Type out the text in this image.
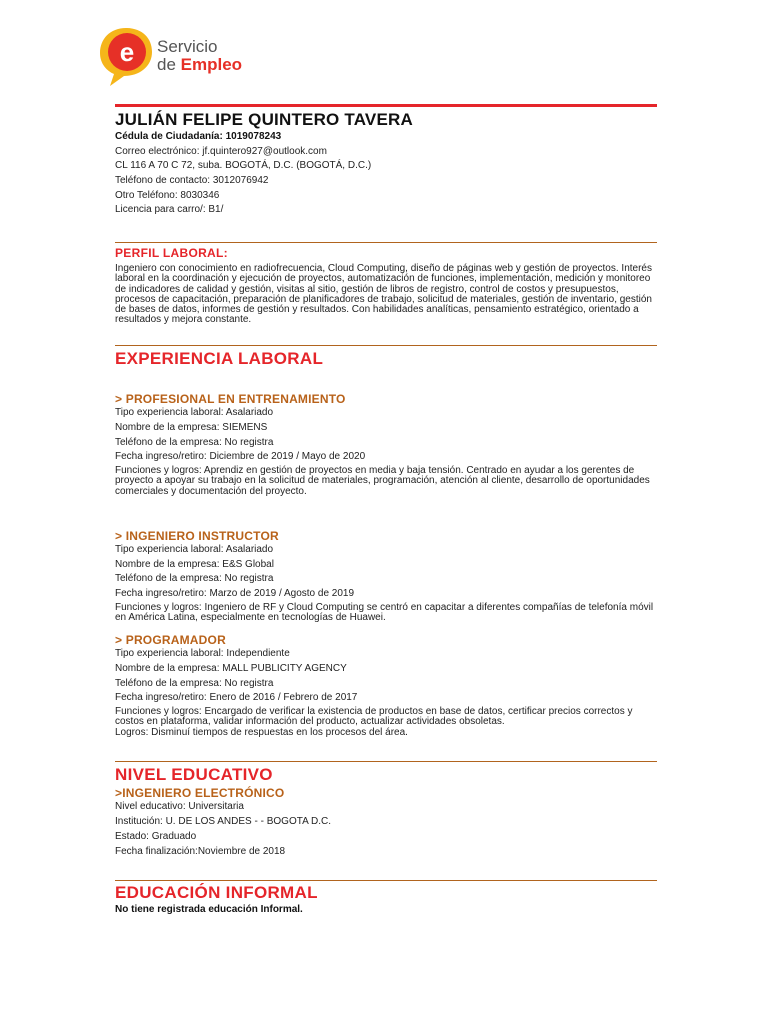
e Servicio
de Empleo
JULIÁN FELIPE QUINTERO TAVERA
Cédula de Ciudadanía: 1019078243
Correo electrónico: jf.quintero927@outlook.com
CL 116 A 70 C 72, suba. BOGOTÁ, D.C. (BOGOTÁ, D.C.)
Teléfono de contacto: 3012076942
Otro Teléfono: 8030346
Licencia para carro/: B1/
PERFIL LABORAL:
Ingeniero con conocimiento en radiofrecuencia, Cloud Computing, diseño de páginas web y gestión de proyectos. Interés laboral en la coordinación y ejecución de proyectos, automatización de funciones, implementación, medición y monitoreo de indicadores de calidad y gestión, visitas al sitio, gestión de libros de registro, control de costos y presupuestos, procesos de capacitación, preparación de planificadores de trabajo, solicitud de materiales, gestión de inventario, gestión de bases de datos, informes de gestión y resultados. Con habilidades analíticas, pensamiento estratégico, orientado a resultados y mejora constante.
EXPERIENCIA LABORAL
> PROFESIONAL EN ENTRENAMIENTO
Tipo experiencia laboral: Asalariado
Nombre de la empresa: SIEMENS
Teléfono de la empresa: No registra
Fecha ingreso/retiro: Diciembre de 2019 / Mayo de 2020
Funciones y logros: Aprendiz en gestión de proyectos en media y baja tensión. Centrado en ayudar a los gerentes de proyecto a apoyar su trabajo en la solicitud de materiales, programación, atención al cliente, desarrollo de oportunidades comerciales y documentación del proyecto.
> INGENIERO INSTRUCTOR
Tipo experiencia laboral: Asalariado
Nombre de la empresa: E&S Global
Teléfono de la empresa: No registra
Fecha ingreso/retiro: Marzo de 2019 / Agosto de 2019
Funciones y logros: Ingeniero de RF y Cloud Computing se centró en capacitar a diferentes compañías de telefonía móvil en América Latina, especialmente en tecnologías de Huawei.
> PROGRAMADOR
Tipo experiencia laboral: Independiente
Nombre de la empresa: MALL PUBLICITY AGENCY
Teléfono de la empresa: No registra
Fecha ingreso/retiro: Enero de 2016 / Febrero de 2017
Funciones y logros: Encargado de verificar la existencia de productos en base de datos, certificar precios correctos y costos en plataforma, validar información del producto, actualizar actividades obsoletas.
Logros: Disminuí tiempos de respuestas en los procesos del área.
NIVEL EDUCATIVO
>INGENIERO ELECTRÓNICO
Nivel educativo: Universitaria
Institución: U. DE LOS ANDES - - BOGOTA D.C.
Estado: Graduado
Fecha finalización:Noviembre de 2018
EDUCACIÓN INFORMAL
No tiene registrada educación Informal.
